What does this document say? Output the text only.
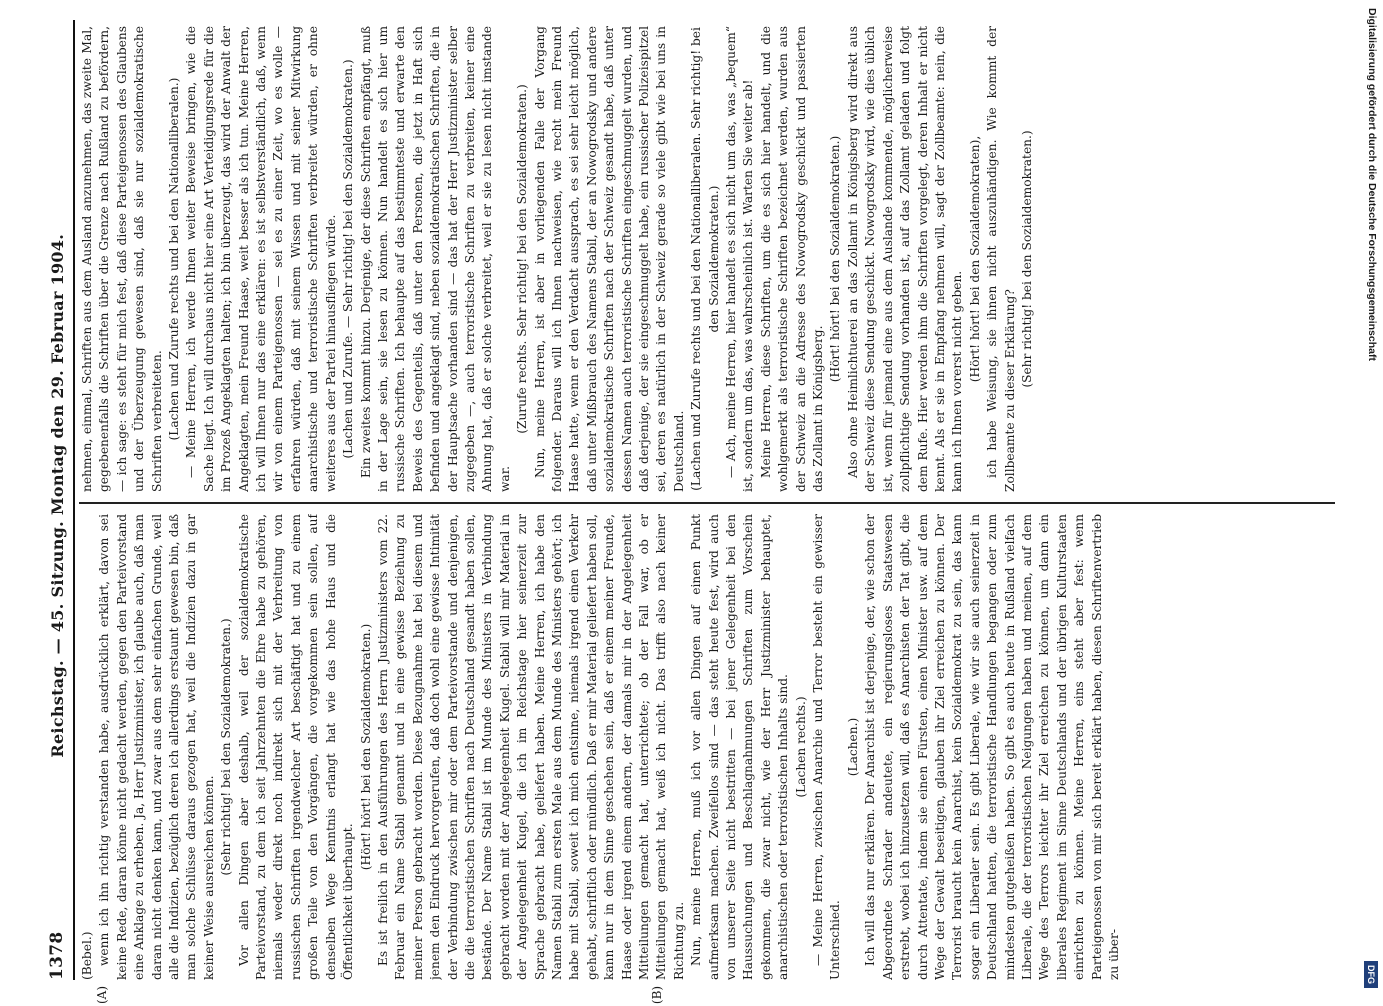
1378
Reichstag. — 45. Sitzung. Montag den 29. Februar 1904.
(A)	(B)

(Bebel.) wenn ich ihn richtig verstanden habe, ausdrücklich erklärt, davon sei keine Rede, daran könne nicht gedacht werden, gegen den Parteivorstand eine Anklage zu erheben. Ja, Herr Justizminister, ich glaube auch, daß man daran nicht denken kann, und zwar aus dem sehr einfachen Grunde, weil alle die Indizien, bezüglich deren ich allerdings erstaunt gewesen bin, daß man solche Schlüsse daraus gezogen hat, weil die Indizien dazu in gar keiner Weise ausreichen können.

(Sehr richtig! bei den Sozialdemokraten.) Vor allen Dingen aber deshalb, weil der sozialdemokratische Parteivorstand, zu dem ich seit Jahrzehnten die Ehre habe zu gehören, niemals weder direkt noch indirekt sich mit der Verbreitung von russischen Schriften irgendwelcher Art beschäftigt hat und zu einem großen Teile von den Vorgängen, die vorgekommen sein sollen, auf denselben Wege Kenntnis erlangt hat wie das hohe Haus und die Öffentlichkeit überhaupt.

(Hört! hört! bei den Sozialdemokraten.) Es ist freilich in den Ausführungen des Herrn Justizministers vom 22. Februar ein Name Stabil genannt und in eine gewisse Beziehung zu meiner Person gebracht worden. Diese Bezugnahme hat bei diesem und jenem den Eindruck hervorgerufen, daß doch wohl eine gewisse Intimität der Verbindung zwischen mir oder dem Parteivorstande und denjenigen, die die terroristischen Schriften nach Deutschland gesandt haben sollen, bestände. Der Name Stabil ist im Munde des Ministers in Verbindung gebracht worden mit der Angelegenheit Kugel. Stabil will mir Material in der Angelegenheit Kugel, die ich im Reichstage hier seinerzeit zur Sprache gebracht habe, geliefert haben. Meine Herren, ich habe den Namen Stabil zum ersten Male aus dem Munde des Ministers gehört; ich habe mit Stabil, soweit ich mich entsinne, niemals irgend einen Verkehr gehabt, schriftlich oder mündlich. Daß er mir Material geliefert haben soll, kann nur in dem Sinne geschehen sein, daß er einem meiner Freunde, Haase oder irgend einem andern, der damals mir in der Angelegenheit Mitteilungen gemacht hat, unterrichtete; ob der Fall war, ob er Mitteilungen gemacht hat, weiß ich nicht. Das trifft also nach keiner Richtung zu. Nun, meine Herren, muß ich vor allen Dingen auf einen Punkt aufmerksam machen. Zweifellos sind — das steht heute fest, wird auch von unserer Seite nicht bestritten — bei jener Gelegenheit bei den Haussuchungen und Beschlagnahmungen Schriften zum Vorschein gekommen, die zwar nicht, wie der Herr Justizminister behauptet, anarchistischen oder terroristischen Inhalts sind. (Lachen rechts.) — Meine Herren, zwischen Anarchie und Terror besteht ein gewisser Unterschied.

(Lachen.) Ich will das nur erklären. Der Anarchist ist derjenige, der, wie schon der Abgeordnete Schrader andeutete, ein regierungsloses Staatswesen erstrebt, wobei ich hinzusetzen will, daß es Anarchisten der Tat gibt, die durch Attentate, indem sie einen Fürsten, einen Minister usw. auf dem Wege der Gewalt beseitigen, glauben ihr Ziel erreichen zu können. Der Terrorist braucht kein Anarchist, kein Sozialdemokrat zu sein, das kann sogar ein Liberaler sein. Es gibt Liberale, wie wir sie auch seinerzeit in Deutschland hatten, die terroristische Handlungen begangen oder zum mindesten gutgeheißen haben. So gibt es auch heute in Rußland vielfach Liberale, die der terroristischen Neigungen haben und meinen, auf dem Wege des Terrors leichter ihr Ziel erreichen zu können, um dann ein liberales Regiment im Sinne Deutschlands und der übrigen Kulturstaaten einrichten zu können. Meine Herren, eins steht aber fest: wenn Parteigenossen von mir sich bereit erklärt haben, diesen Schriftenvertrieb zu über-

nehmen, einmal, Schriften aus dem Ausland anzunehmen, das zweite Mal, gegebenenfalls die Schriften über die Grenze nach Rußland zu befördern, — ich sage: es steht für mich fest, daß diese Parteigenossen des Glaubens und der Überzeugung gewesen sind, daß sie nur sozialdemokratische Schriften verbreiteten. (Lachen und Zurufe rechts und bei den Nationalliberalen.) — Meine Herren, ich werde Ihnen weiter Beweise bringen, wie die Sache liegt. Ich will durchaus nicht hier eine Art Verteidigungsrede für die im Prozeß Angeklagten halten; ich bin überzeugt, das wird der Anwalt der Angeklagten, mein Freund Haase, weit besser als ich tun. Meine Herren, ich will Ihnen nur das eine erklären: es ist selbstverständlich, daß, wenn wir von einem Parteigenossen — sei es zu einer Zeit, wo es wolle — erfahren würden, daß mit seinem Wissen und mit seiner Mitwirkung anarchistische und terroristische Schriften verbreitet würden, er ohne weiteres aus der Partei hinausfliegen würde. (Lachen und Zurufe. — Sehr richtig! bei den Sozialdemokraten.) Ein zweites kommt hinzu. Derjenige, der diese Schriften empfängt, muß in der Lage sein, sie lesen zu können. Nun handelt es sich hier um russische Schriften. Ich behaupte auf das bestimmteste und erwarte den Beweis des Gegenteils, daß unter den Personen, die jetzt in Haft sich befinden und angeklagt sind, neben sozialdemokratischen Schriften, die in der Hauptsache vorhanden sind — das hat der Herr Justizminister selber zugegeben —, auch terroristische Schriften zu verbreiten, keiner eine Ahnung hat, daß er solche verbreitet, weil er sie zu lesen nicht imstande war.

(Zurufe rechts. Sehr richtig! bei den Sozialdemokraten.) Nun, meine Herren, ist aber in vorliegenden Falle der Vorgang folgender. Daraus will ich Ihnen nachweisen, wie recht mein Freund Haase hatte, wenn er den Verdacht aussprach, es sei sehr leicht möglich, daß unter Mißbrauch des Namens Stabil, der an Nowogrodsky und andere sozialdemokratische Schriften nach der Schweiz gesandt habe, daß unter dessen Namen auch terroristische Schriften eingeschmuggelt wurden, und daß derjenige, der sie eingeschmuggelt habe, ein russischer Polizeispitzel sei, deren es natürlich in der Schweiz gerade so viele gibt wie bei uns in Deutschland. (Lachen und Zurufe rechts und bei den Nationalliberalen. Sehr richtig! bei den Sozialdemokraten.) — Ach, meine Herren, hier handelt es sich nicht um das, was „bequem“ ist, sondern um das, was wahrscheinlich ist. Warten Sie weiter ab! Meine Herren, diese Schriften, um die es sich hier handelt, und die wohlgemerkt als terroristische Schriften bezeichnet werden, wurden aus der Schweiz an die Adresse des Nowogrodsky geschickt und passierten das Zollamt in Königsberg.

(Hört! hört! bei den Sozialdemokraten.) Also ohne Heimlichtuerei an das Zollamt in Königsberg wird direkt aus der Schweiz diese Sendung geschickt. Nowogrodsky wird, wie dies üblich ist, wenn für jemand eine aus dem Auslande kommende, möglicherweise zollpflichtige Sendung vorhanden ist, auf das Zollamt geladen und folgt dem Rufe. Hier werden ihm die Schriften vorgelegt, deren Inhalt er nicht kennt. Als er sie in Empfang nehmen will, sagt der Zollbeamte: nein, die kann ich Ihnen vorerst nicht geben. (Hört! hört! bei den Sozialdemokraten), ich habe Weisung, sie ihnen nicht auszuhändigen. Wie kommt der Zollbeamte zu dieser Erklärung?

(Sehr richtig! bei den Sozialdemokraten.)	Digitalisierung gefördert durch die Deutsche Forschungsgemeinschaft
DFG
